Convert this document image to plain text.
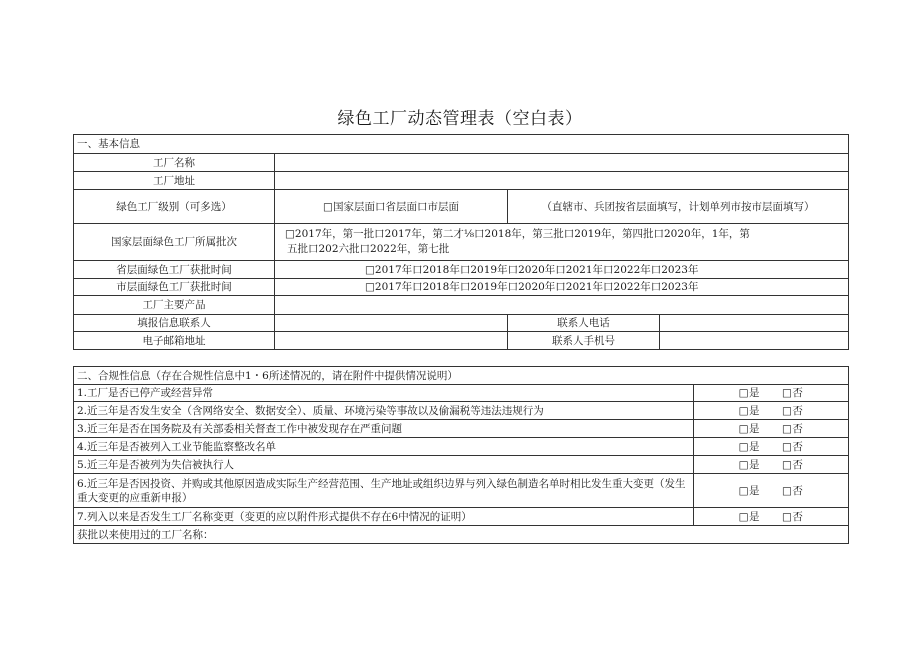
绿色工厂动态管理表（空白表）
一、基本信息			
工厂名称			
工厂地址			
绿色工厂级别（可多选）	□国家层面口省层面口市层面	（直辖市、兵团按省层面填写，计划单列市按市层面填写）	
国家层面绿色工厂所属批次	□2017年，第一批口2017年，第二才⅛口2018年，第三批口2019年，第四批口2020年，1年，第
五批口202六批口2022年，第七批		

省层面绿色工厂获批时间	□2017年口2018年口2019年口2020年口2021年口2022年口2023年		
市层面绿色工厂获批时间	□2017年口2018年口2019年口2020年口2021年口2022年口2023年		
工厂主要产品			
填报信息联系人		联系人电话	
电子邮箱地址		联系人手机号	
二、合规性信息（存在合规性信息中1・6所述情况的，请在附件中提供情况说明）	
1.工厂是否已停产或经营异常	□是 □否
2.近三年是否发生安全（含网络安全、数据安全）、质量、环境污染等事故以及偷漏税等违法违规行为	□是 □否
3.近三年是否在国务院及有关部委相关督查工作中被发现存在严重问题	□是 □否
4.近三年是否被列入工业节能监察整改名单	□是 □否
5.近三年是否被列为失信被执行人	□是 □否
6.近三年是否因投资、并购或其他原因造成实际生产经营范围、生产地址或组织边界与列入绿色制造名单时相比发生重大变更（发生重大变更的应重新申报）	□是 □否
7.列入以来是否发生工厂名称变更（变更的应以附件形式提供不存在6中情况的证明）	□是 □否
获批以来使用过的工厂名称：	
